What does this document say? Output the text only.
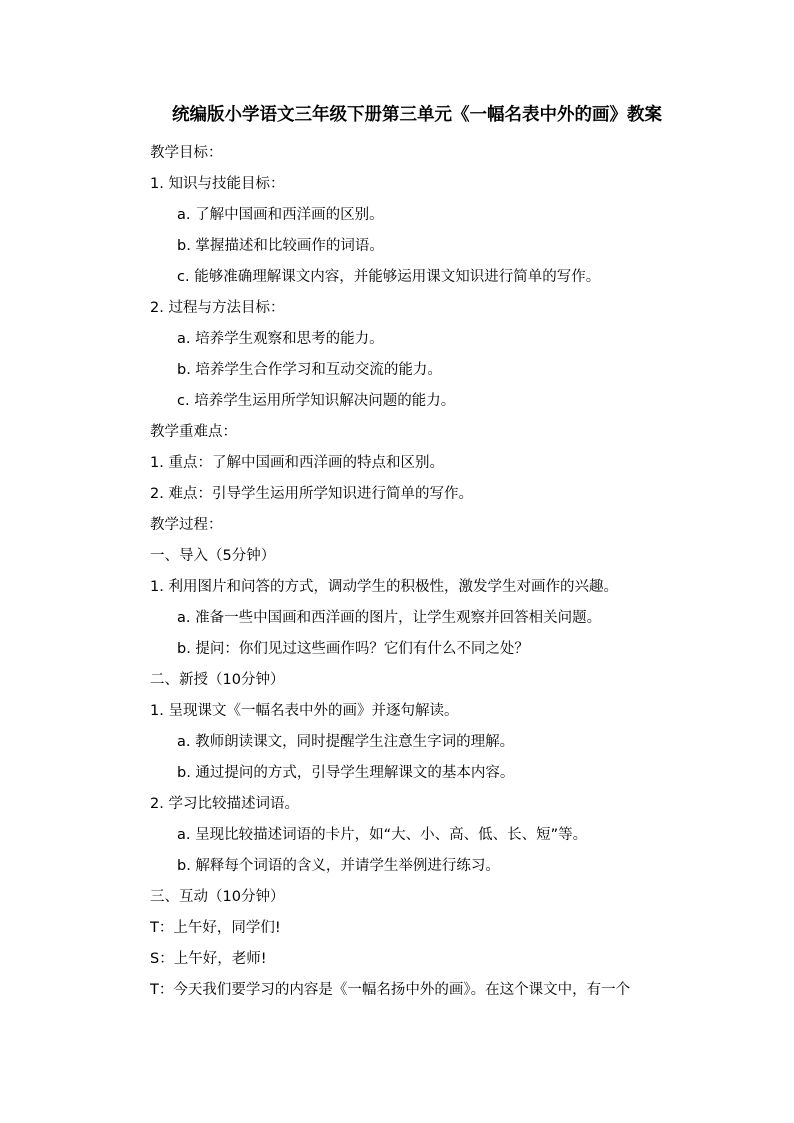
统编版小学语文三年级下册第三单元《一幅名表中外的画》教案
教学目标：
1. 知识与技能目标：
a. 了解中国画和西洋画的区别。
b. 掌握描述和比较画作的词语。
c. 能够准确理解课文内容，并能够运用课文知识进行简单的写作。
2. 过程与方法目标：
a. 培养学生观察和思考的能力。
b. 培养学生合作学习和互动交流的能力。
c. 培养学生运用所学知识解决问题的能力。
教学重难点：
1. 重点：了解中国画和西洋画的特点和区别。
2. 难点：引导学生运用所学知识进行简单的写作。
教学过程：
一、导入（5分钟）
1. 利用图片和问答的方式，调动学生的积极性，激发学生对画作的兴趣。
a. 准备一些中国画和西洋画的图片，让学生观察并回答相关问题。
b. 提问：你们见过这些画作吗？它们有什么不同之处？
二、新授（10分钟）
1. 呈现课文《一幅名表中外的画》并逐句解读。
a. 教师朗读课文，同时提醒学生注意生字词的理解。
b. 通过提问的方式，引导学生理解课文的基本内容。
2. 学习比较描述词语。
a. 呈现比较描述词语的卡片，如“大、小、高、低、长、短”等。
b. 解释每个词语的含义，并请学生举例进行练习。
三、互动（10分钟）
T：上午好，同学们!
S：上午好，老师!
T：今天我们要学习的内容是《一幅名扬中外的画》。在这个课文中，有一个
